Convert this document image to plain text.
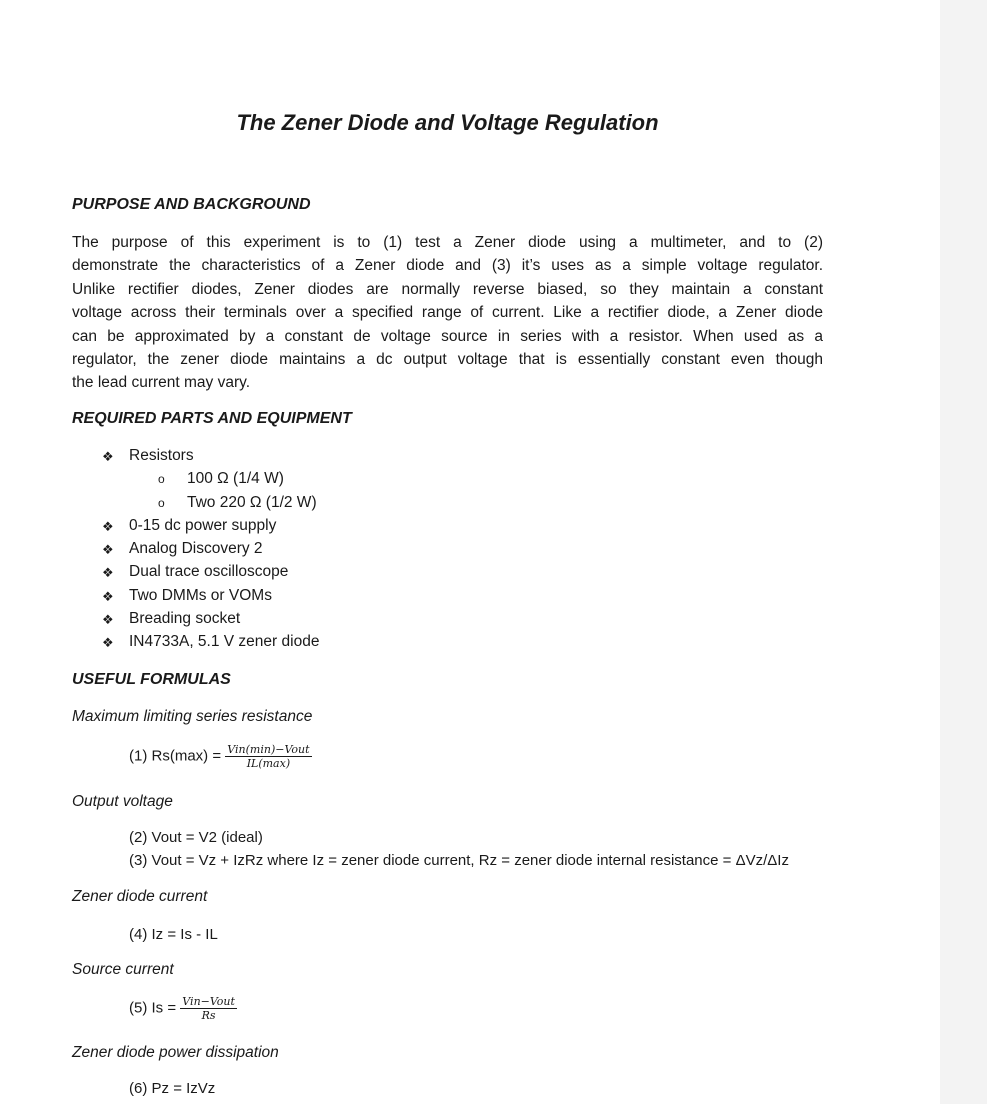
The Zener Diode and Voltage Regulation
PURPOSE AND BACKGROUND
The purpose of this experiment is to (1) test a Zener diode using a multimeter, and to (2)
demonstrate the characteristics of a Zener diode and (3) it’s uses as a simple voltage regulator.
Unlike rectifier diodes, Zener diodes are normally reverse biased, so they maintain a constant
voltage across their terminals over a specified range of current. Like a rectifier diode, a Zener diode
can be approximated by a constant de voltage source in series with a resistor. When used as a
regulator, the zener diode maintains a dc output voltage that is essentially constant even though
the lead current may vary.
REQUIRED PARTS AND EQUIPMENT
❖ Resistors
o 100 Ω (1/4 W)
o Two 220 Ω (1/2 W)
❖ 0-15 dc power supply
❖ Analog Discovery 2
❖ Dual trace oscilloscope
❖ Two DMMs or VOMs
❖ Breading socket
❖ IN4733A, 5.1 V zener diode
USEFUL FORMULAS
Maximum limiting series resistance
(1) $Rs(\max) = \frac{\text{Vin(min)−Vout}}{IL(\max)}$
Output voltage
(2) Vout = V2 (ideal)
(3) Vout = Vz + IzRz where Iz = zener diode current, Rz = zener diode internal resistance = ΔVz/ΔIz
Zener diode current
(4) Iz = Is - IL
Source current
(5) $Is = \frac{\text{Vin−Vout}}{Rs}$
Zener diode power dissipation
(6) Pz = IzVz
